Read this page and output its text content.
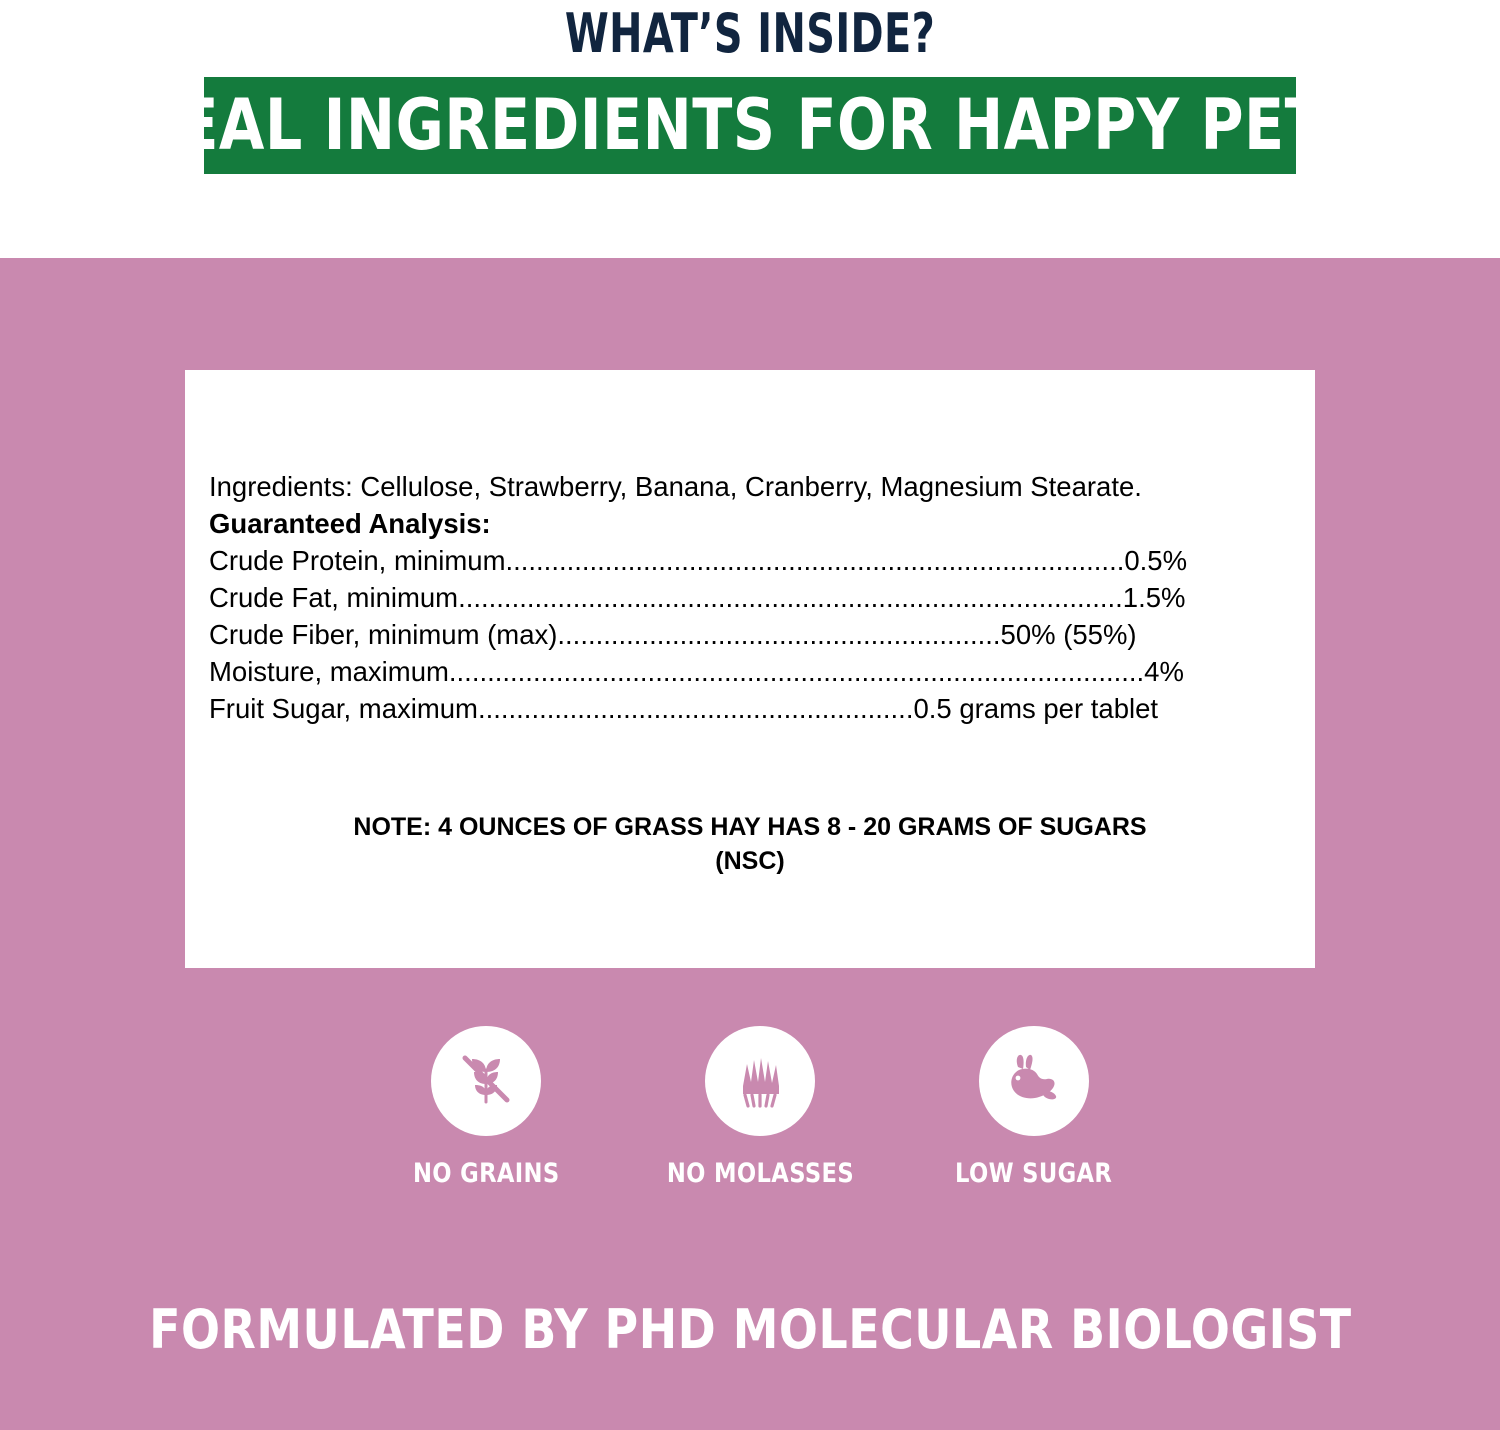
WHAT’S INSIDE?
REAL INGREDIENTS FOR HAPPY PETS
Ingredients: Cellulose, Strawberry, Banana, Cranberry, Magnesium Stearate.
Guaranteed Analysis:
Crude Protein, minimum.................................................................................0.5%
Crude Fat, minimum.......................................................................................1.5%
Crude Fiber, minimum (max)..........................................................50% (55%)
Moisture, maximum...........................................................................................4%
Fruit Sugar, maximum.........................................................0.5 grams per tablet
NOTE: 4 OUNCES OF GRASS HAY HAS 8 - 20 GRAMS OF SUGARS
(NSC)
NO GRAINS	NO MOLASSES	LOW SUGAR
FORMULATED BY PHD MOLECULAR BIOLOGIST
